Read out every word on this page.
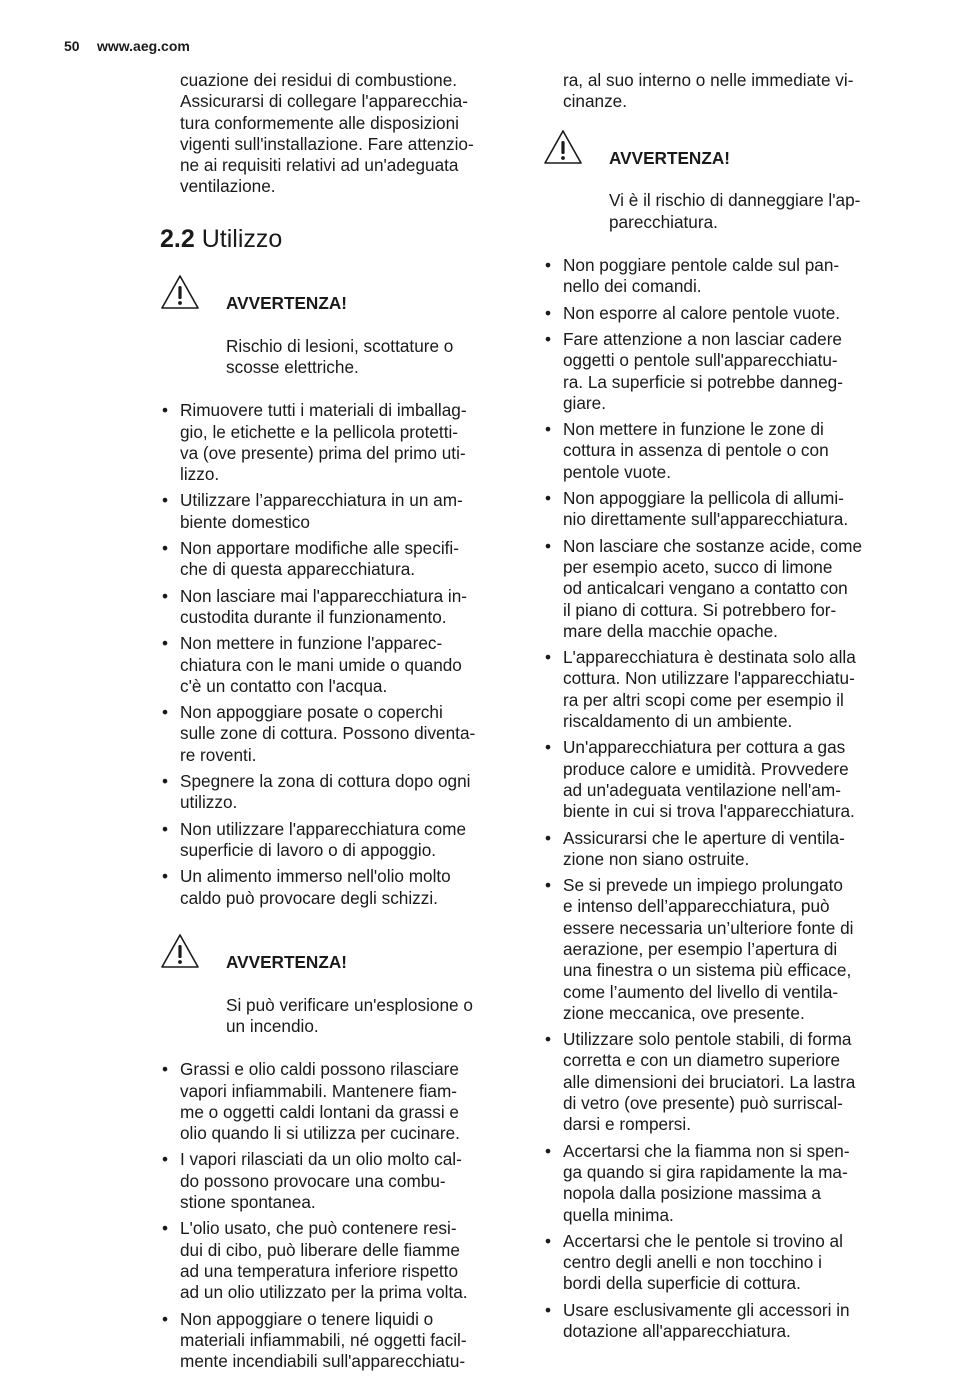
50 www.aeg.com
cuazione dei residui di combustione.
Assicurarsi di collegare l'apparecchia-
tura conformemente alle disposizioni
vigenti sull'installazione. Fare attenzio-
ne ai requisiti relativi ad un'adeguata
ventilazione.
2.2 Utilizzo

AVVERTENZA!

Rischio di lesioni, scottature o
scosse elettriche.

• Rimuovere tutti i materiali di imballag-
gio, le etichette e la pellicola protetti-
va (ove presente) prima del primo uti-
lizzo.
• Utilizzare l’apparecchiatura in un am-
biente domestico
• Non apportare modifiche alle specifi-
che di questa apparecchiatura.
• Non lasciare mai l'apparecchiatura in-
custodita durante il funzionamento.
• Non mettere in funzione l'apparec-
chiatura con le mani umide o quando
c'è un contatto con l'acqua.
• Non appoggiare posate o coperchi
sulle zone di cottura. Possono diventa-
re roventi.
• Spegnere la zona di cottura dopo ogni
utilizzo.
• Non utilizzare l'apparecchiatura come
superficie di lavoro o di appoggio.
• Un alimento immerso nell'olio molto
caldo può provocare degli schizzi.

AVVERTENZA!

Si può verificare un'esplosione o
un incendio.

• Grassi e olio caldi possono rilasciare
vapori infiammabili. Mantenere fiam-
me o oggetti caldi lontani da grassi e
olio quando li si utilizza per cucinare.
• I vapori rilasciati da un olio molto cal-
do possono provocare una combu-
stione spontanea.
• L'olio usato, che può contenere resi-
dui di cibo, può liberare delle fiamme
ad una temperatura inferiore rispetto
ad un olio utilizzato per la prima volta.
• Non appoggiare o tenere liquidi o
materiali infiammabili, né oggetti facil-
mente incendiabili sull'apparecchiatu-
ra, al suo interno o nelle immediate vi-
cinanze.

AVVERTENZA!

Vi è il rischio di danneggiare l'ap-
parecchiatura.

• Non poggiare pentole calde sul pan-
nello dei comandi.
• Non esporre al calore pentole vuote.
• Fare attenzione a non lasciar cadere
oggetti o pentole sull'apparecchiatu-
ra. La superficie si potrebbe danneg-
giare.
• Non mettere in funzione le zone di
cottura in assenza di pentole o con
pentole vuote.
• Non appoggiare la pellicola di allumi-
nio direttamente sull'apparecchiatura.
• Non lasciare che sostanze acide, come
per esempio aceto, succo di limone
od anticalcari vengano a contatto con
il piano di cottura. Si potrebbero for-
mare della macchie opache.
• L'apparecchiatura è destinata solo alla
cottura. Non utilizzare l'apparecchiatu-
ra per altri scopi come per esempio il
riscaldamento di un ambiente.
• Un'apparecchiatura per cottura a gas
produce calore e umidità. Provvedere
ad un'adeguata ventilazione nell'am-
biente in cui si trova l'apparecchiatura.
• Assicurarsi che le aperture di ventila-
zione non siano ostruite.
• Se si prevede un impiego prolungato
e intenso dell’apparecchiatura, può
essere necessaria un’ulteriore fonte di
aerazione, per esempio l’apertura di
una finestra o un sistema più efficace,
come l’aumento del livello di ventila-
zione meccanica, ove presente.
• Utilizzare solo pentole stabili, di forma
corretta e con un diametro superiore
alle dimensioni dei bruciatori. La lastra
di vetro (ove presente) può surriscal-
darsi e rompersi.
• Accertarsi che la fiamma non si spen-
ga quando si gira rapidamente la ma-
nopola dalla posizione massima a
quella minima.
• Accertarsi che le pentole si trovino al
centro degli anelli e non tocchino i
bordi della superficie di cottura.
• Usare esclusivamente gli accessori in
dotazione all'apparecchiatura.
